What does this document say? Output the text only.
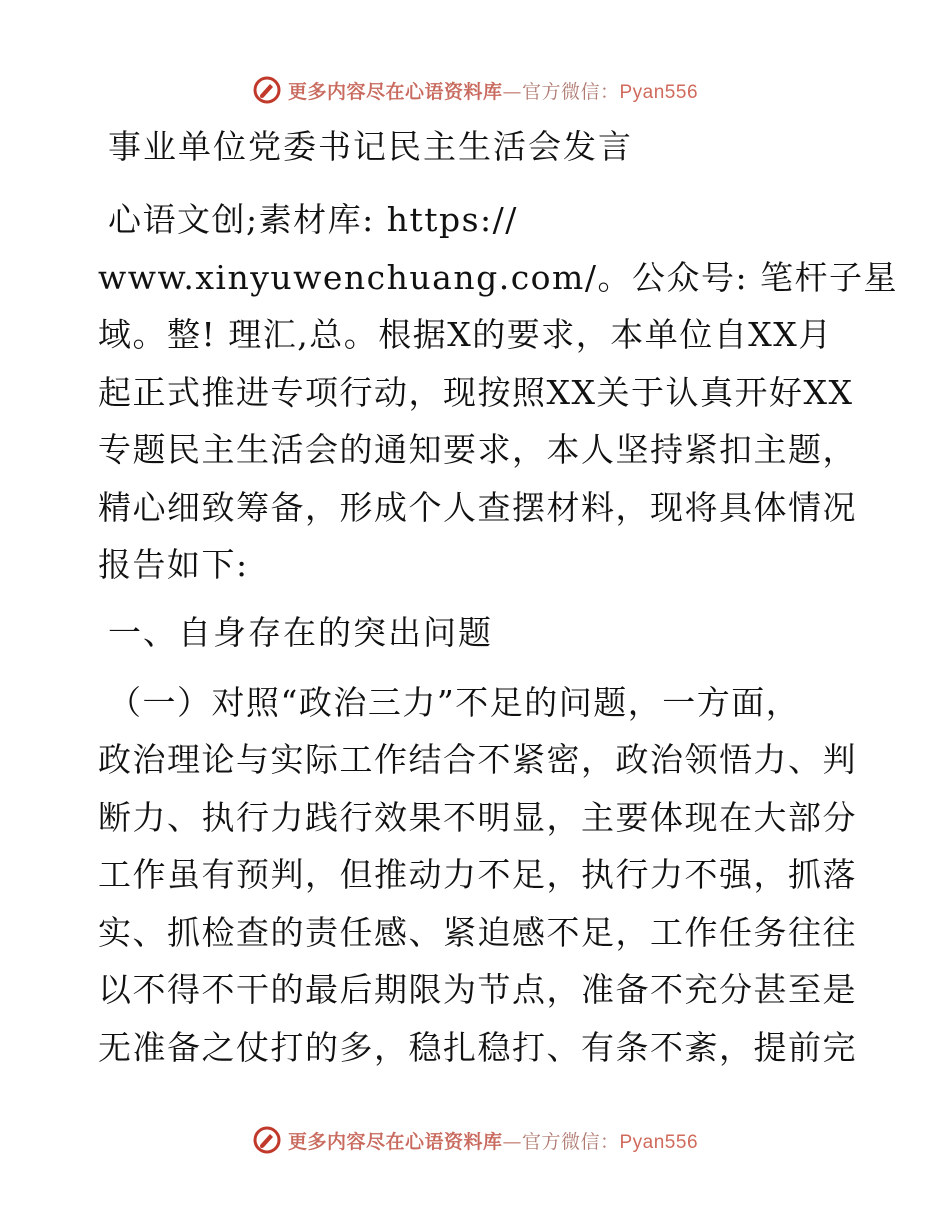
更多内容尽在心语资料库—官方微信：Pyan556
事业单位党委书记民主生活会发言

心语文创;素材库: https://
www.xinyuwenchuang.com/。公众号: 笔杆子星
域。整! 理汇,总。根据X的要求，本单位自XX月
起正式推进专项行动，现按照XX关于认真开好XX
专题民主生活会的通知要求，本人坚持紧扣主题，
精心细致筹备，形成个人查摆材料，现将具体情况
报告如下:

一、自身存在的突出问题

（一）对照“政治三力”不足的问题，一方面，
政治理论与实际工作结合不紧密，政治领悟力、判
断力、执行力践行效果不明显，主要体现在大部分
工作虽有预判，但推动力不足，执行力不强，抓落
实、抓检查的责任感、紧迫感不足，工作任务往往
以不得不干的最后期限为节点，准备不充分甚至是
无准备之仗打的多，稳扎稳打、有条不紊，提前完

更多内容尽在心语资料库—官方微信：Pyan556
